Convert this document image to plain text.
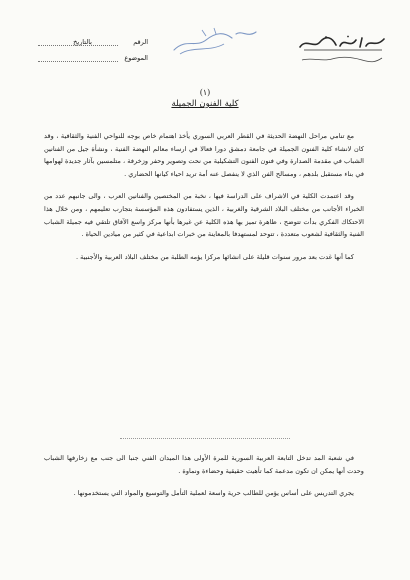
الرقم
بالتاريخ
الموضوع
(١)
كلية الفنون الجميلة

مع تنامي مراحل النهضة الحديثة في القطر العربي السوري يأخذ اهتمام خاص بوجه للنواحي الفنية والثقافية ، وقد كان لانشاء كلية الفنون الجميلة في جامعة دمشق دورا فعالا في ارساء معالم النهضة الفنية ، ونشأة جيل من الفنانين الشباب في مقدمة الصدارة وفي فنون الفنون التشكيلية من نحت وتصوير وحفر وزخرفة ، متلمسين بآثار جديدة لهوامها في بناء مستقبل بلدهم ، ومسالح الفن الذي لا ينفصل عنه أمة تريد احياء كيانها الحضاري .

وقد اعتمدت الكلية في الاشراف على الدراسة فيها ، نخبة من المختصين والفنانين العرب ، والى جانبهم عدد من الخبراء الأجانب من مختلف البلاد الشرقية والغربية ، الذين يستفادون هذه المؤسسة بتجارب تعليمهم ، ومن خلال هذا الاحتكاك الفكري بدأت تتوضح ، ظاهرة تميز بها هذه الكلية عن غيرها بأنها مركز واسع الآفاق تلتقي فيه جميلة الشباب الفنية والثقافية لشعوب متعددة ، تتوحد لمستهدفا بالمعاينة من خبرات ابداعية في كثير من ميادين الحياة .

كما أنها غدت بعد مرور سنوات قليلة على انشائها مركزا يؤمه الطلبة من مختلف البلاد العربية والأجنبية .

في شعبة المد تدخل التابعة العربية السورية للمرة الأولى هذا الميدان الفني جنبا الى جنب مع زخارفها الشباب وحدت أنها يمكن ان تكون مدعمة كما تأهيت حقيقية وحضاءة ونماوة .

يجري التدريس على أساس يؤمن للطالب حرية واسعة لعملية التأمل والتوسيع والمواد التي يستخدمونها .
